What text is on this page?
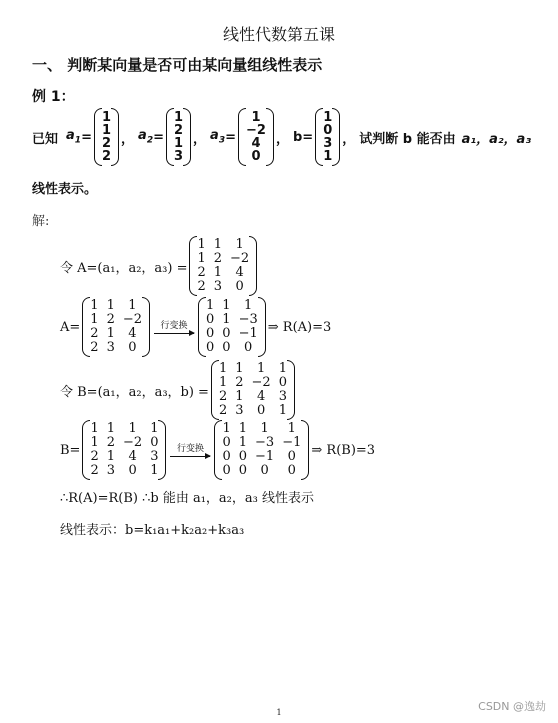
线性代数第五课
一、 判断某向量是否可由某向量组线性表示
例 1：
已知 $a_1$ =
1
1
2
2
， $a_2$ =
1
2
1
3
， $a_3$ =
1
−2
4
0
， b =
1
0
3
1
， 试判断 b 能否由 a₁，a₂，a₃
线性表示。
解:
令 A=(a₁，a₂，a₃) =
1 1	1
1 2 −2
2 1	4
2 3	0
A=
1 1	1
1 2 −2
2 1	4
2 3	0
行变换
1 1	1
0 1 −3
0 0 −1
0 0	0
⇒ R(A)=3
令 B=(a₁，a₂，a₃，b) =
1 1	1	1
1 2 −2 0
2 1	4	3
2 3	0	1
B=
1 1	1	1
1 2 −2 0
2 1	4	3
2 3	0	1
行变换
1 1	1	1
0 1 −3 −1
0 0 −1	0
0 0	0	0
⇒ R(B)=3
∴R(A)=R(B) ∴b 能由 a₁，a₂，a₃ 线性表示
线性表示：b=k₁a₁+k₂a₂+k₃a₃
1	CSDN @逸劫
